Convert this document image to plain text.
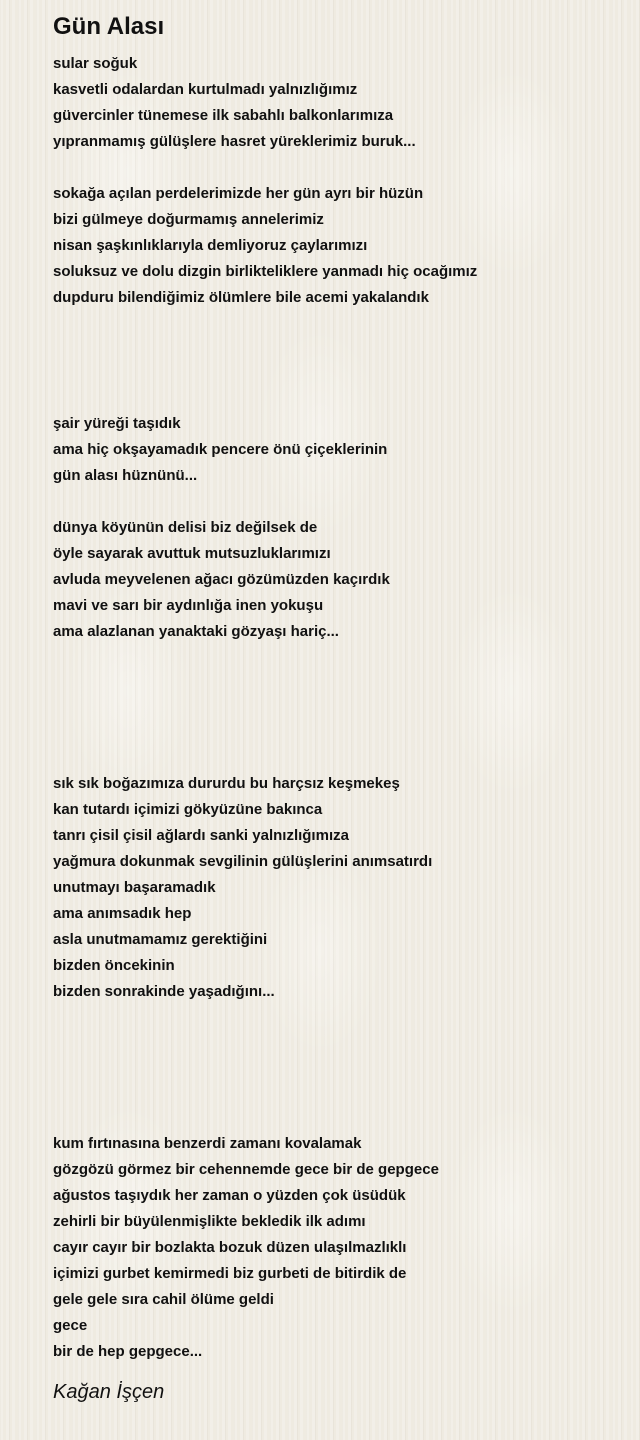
Gün Alası
sular soğuk
kasvetli odalardan kurtulmadı yalnızlığımız
güvercinler tünemese ilk sabahlı balkonlarımıza
yıpranmamış gülüşlere hasret yüreklerimiz buruk...
sokağa açılan perdelerimizde her gün ayrı bir hüzün
bizi gülmeye doğurmamış annelerimiz
nisan şaşkınlıklarıyla demliyoruz çaylarımızı
soluksuz ve dolu dizgin birlikteliklere yanmadı hiç ocağımız
dupduru bilendiğimiz ölümlere bile acemi yakalandık
şair yüreği taşıdık
ama hiç okşayamadık pencere önü çiçeklerinin
gün alası hüznünü...
dünya köyünün delisi biz değilsek de
öyle sayarak avuttuk mutsuzluklarımızı
avluda meyvelenen ağacı gözümüzden kaçırdık
mavi ve sarı bir aydınlığa inen yokuşu
ama alazlanan yanaktaki gözyaşı hariç...
sık sık boğazımıza dururdu bu harçsız keşmekeş
kan tutardı içimizi gökyüzüne bakınca
tanrı çisil çisil ağlardı sanki yalnızlığımıza
yağmura dokunmak sevgilinin gülüşlerini anımsatırdı
unutmayı başaramadık
ama anımsadık hep
asla unutmamamız gerektiğini
bizden öncekinin
bizden sonrakinde yaşadığını...
kum fırtınasına benzerdi zamanı kovalamak
gözgözü görmez bir cehennemde gece bir de gepgece
ağustos taşıydık her zaman o yüzden çok üsüdük
zehirli bir büyülenmişlikte bekledik ilk adımı
cayır cayır bir bozlakta bozuk düzen ulaşılmazlıklı
içimizi gurbet kemirmedi biz gurbeti de bitirdik de
gele gele sıra cahil ölüme geldi
gece
bir de hep gepgece...
Kağan İşçen
